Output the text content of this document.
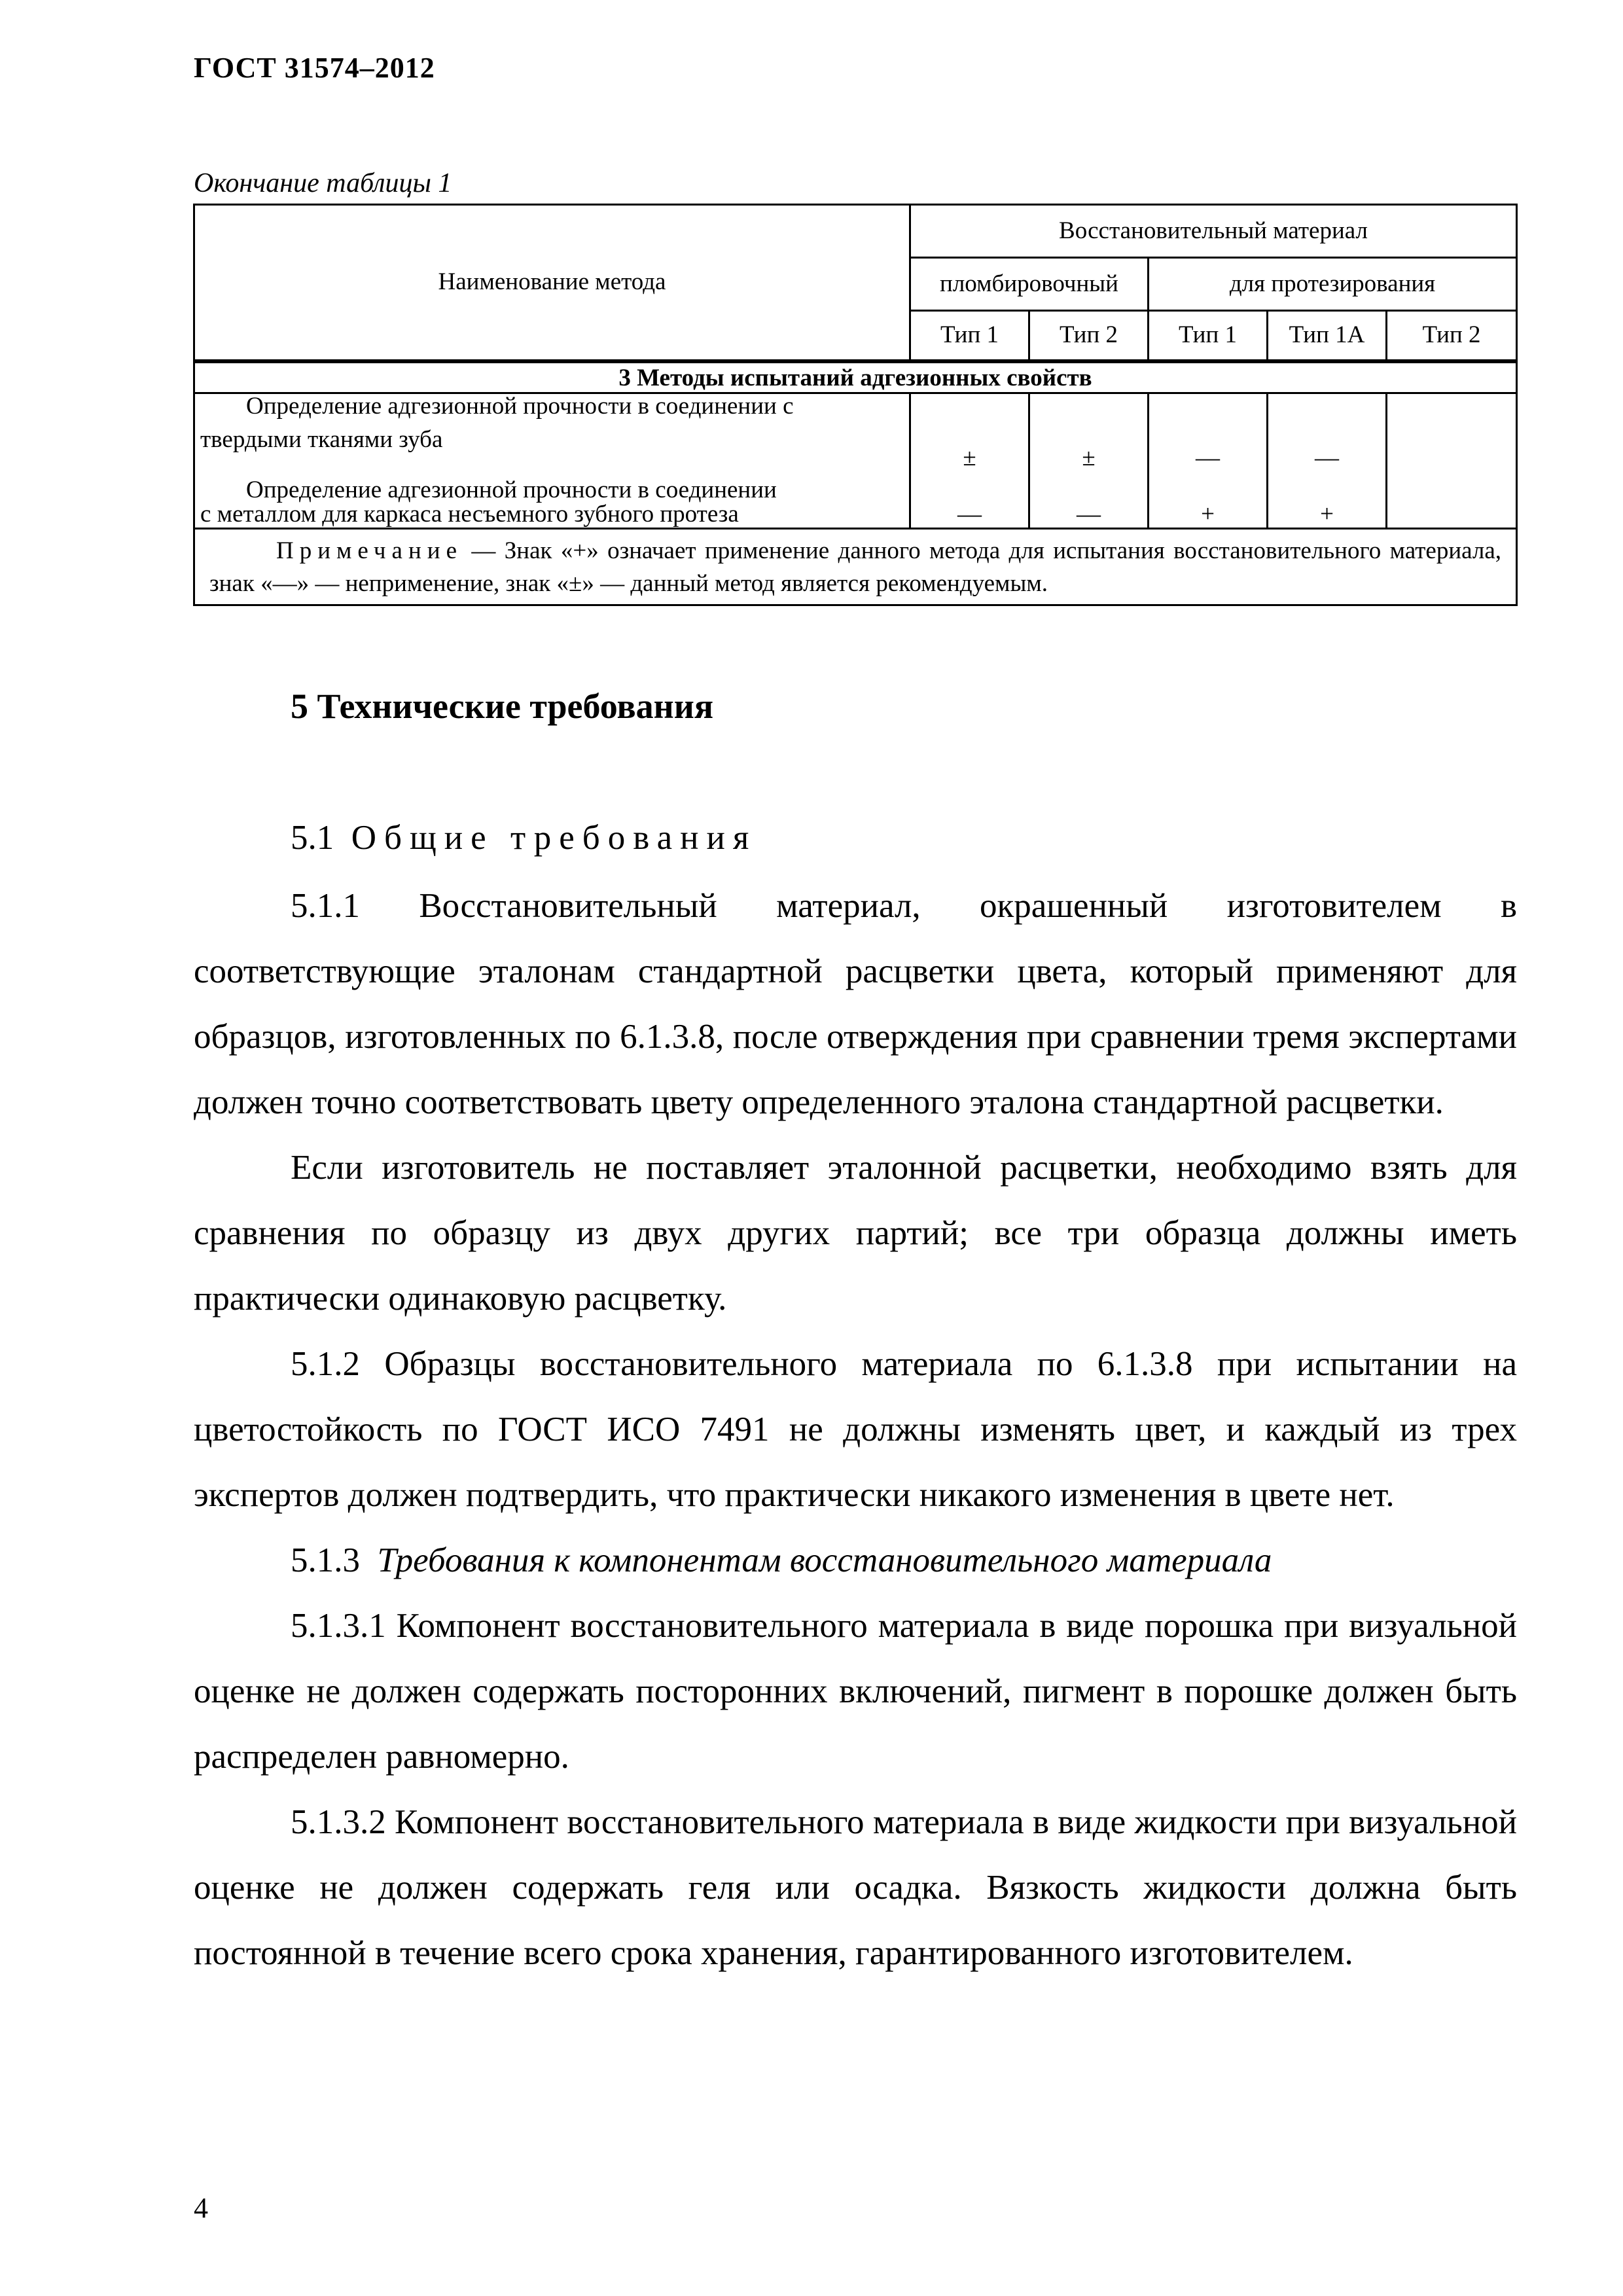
ГОСТ 31574–2012
Окончание таблицы 1
Наименование метода	Восстановительный материал				
	пломбировочный		для протезирования		
	Тип 1	Тип 2	Тип 1	Тип 1А	Тип 2
3 Методы испытаний адгезионных свойств					

Определение адгезионной прочности в соединении с
твердыми тканями зуба	±	±	—	—	

Определение адгезионной прочности в соединении
с металлом для каркаса несъемного зубного протеза	—	—	+	+	
Примечание — Знак «+» означает применение данного метода для испытания восстановительного материала, знак «—» — неприменение, знак «±» — данный метод является рекомендуемым.					
5 Технические требования
5.1 Общие требования

5.1.1 Восстановительный материал, окрашенный изготовителем в соответствующие эталонам стандартной расцветки цвета, который применяют для образцов, изготовленных по 6.1.3.8, после отверждения при сравнении тремя экспертами должен точно соответствовать цвету определенного эталона стандартной расцветки.

Если изготовитель не поставляет эталонной расцветки, необходимо взять для сравнения по образцу из двух других партий; все три образца должны иметь практически одинаковую расцветку.

5.1.2 Образцы восстановительного материала по 6.1.3.8 при испытании на цветостойкость по ГОСТ ИСО 7491 не должны изменять цвет, и каждый из трех экспертов должен подтвердить, что практически никакого изменения в цвете нет.

5.1.3 Требования к компонентам восстановительного материала

5.1.3.1 Компонент восстановительного материала в виде порошка при визуальной оценке не должен содержать посторонних включений, пигмент в порошке должен быть распределен равномерно.

5.1.3.2 Компонент восстановительного материала в виде жидкости при визуальной оценке не должен содержать геля или осадка. Вязкость жидкости должна быть постоянной в течение всего срока хранения, гарантированного изготовителем.

4
